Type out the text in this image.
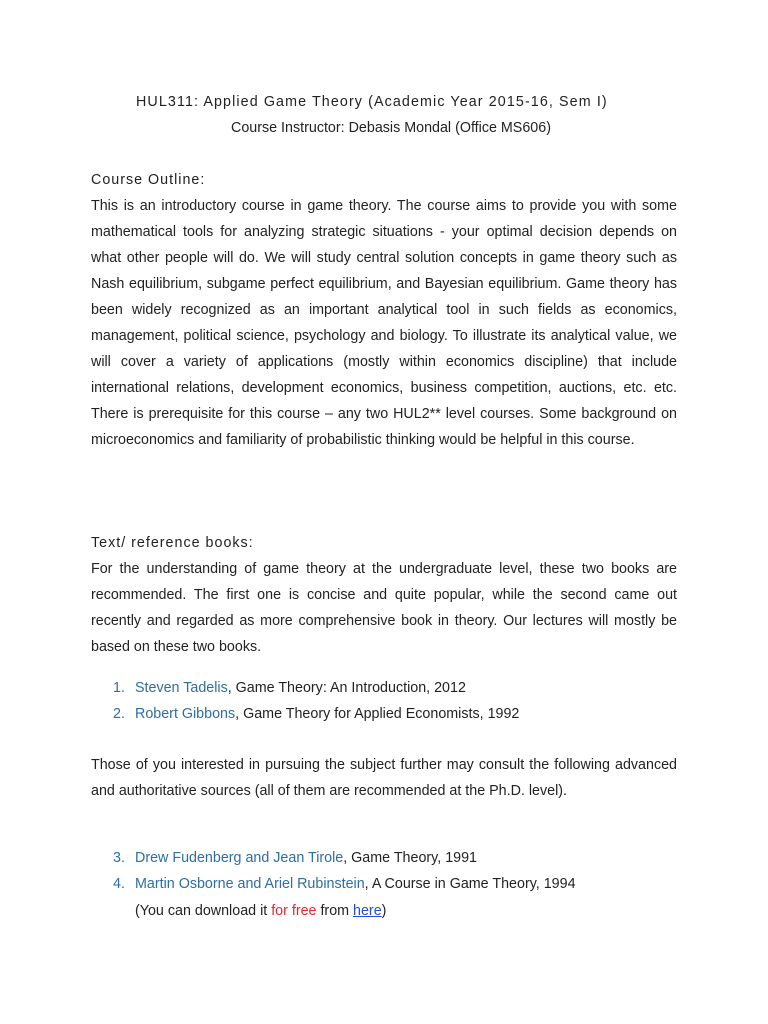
HUL311: Applied Game Theory (Academic Year 2015-16, Sem I)
Course Instructor: Debasis Mondal (Office MS606)
Course Outline:
This is an introductory course in game theory. The course aims to provide you with some mathematical tools for analyzing strategic situations - your optimal decision depends on what other people will do. We will study central solution concepts in game theory such as Nash equilibrium, subgame perfect equilibrium, and Bayesian equilibrium. Game theory has been widely recognized as an important analytical tool in such fields as economics, management, political science, psychology and biology. To illustrate its analytical value, we will cover a variety of applications (mostly within economics discipline) that include international relations, development economics, business competition, auctions, etc. etc. There is prerequisite for this course – any two HUL2** level courses. Some background on microeconomics and familiarity of probabilistic thinking would be helpful in this course.
Text/ reference books:
For the understanding of game theory at the undergraduate level, these two books are recommended. The first one is concise and quite popular, while the second came out recently and regarded as more comprehensive book in theory. Our lectures will mostly be based on these two books.
1. Steven Tadelis, Game Theory: An Introduction, 2012
2. Robert Gibbons, Game Theory for Applied Economists, 1992
Those of you interested in pursuing the subject further may consult the following advanced and authoritative sources (all of them are recommended at the Ph.D. level).
3. Drew Fudenberg and Jean Tirole, Game Theory, 1991
4. Martin Osborne and Ariel Rubinstein, A Course in Game Theory, 1994
(You can download it for free from here)
